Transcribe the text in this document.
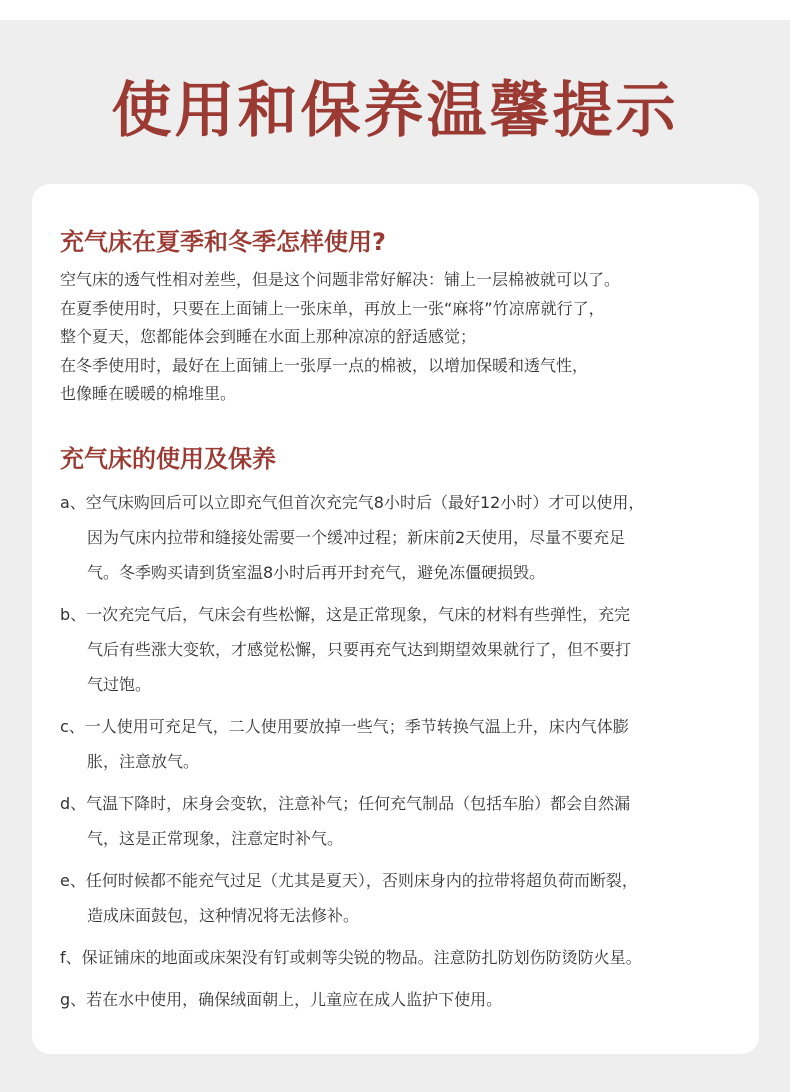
使用和保养温馨提示
充气床在夏季和冬季怎样使用?

空气床的透气性相对差些，但是这个问题非常好解决：铺上一层棉被就可以了。

在夏季使用时，只要在上面铺上一张床单，再放上一张“麻将”竹凉席就行了，

整个夏天，您都能体会到睡在水面上那种凉凉的舒适感觉；

在冬季使用时，最好在上面铺上一张厚一点的棉被，以增加保暖和透气性，

也像睡在暖暖的棉堆里。

充气床的使用及保养
a、空气床购回后可以立即充气但首次充完气8小时后（最好12小时）才可以使用，
因为气床内拉带和缝接处需要一个缓冲过程；新床前2天使用，尽量不要充足
气。冬季购买请到货室温8小时后再开封充气，避免冻僵硬损毁。
b、一次充完气后，气床会有些松懈，这是正常现象，气床的材料有些弹性，充完
气后有些涨大变软，才感觉松懈，只要再充气达到期望效果就行了，但不要打
气过饱。
c、一人使用可充足气，二人使用要放掉一些气；季节转换气温上升，床内气体膨
胀，注意放气。
d、气温下降时，床身会变软，注意补气；任何充气制品（包括车胎）都会自然漏
气，这是正常现象，注意定时补气。
e、任何时候都不能充气过足（尤其是夏天），否则床身内的拉带将超负荷而断裂，
造成床面鼓包，这种情况将无法修补。
f、保证铺床的地面或床架没有钉或刺等尖锐的物品。注意防扎防划伤防烫防火星。
g、若在水中使用，确保绒面朝上，儿童应在成人监护下使用。
